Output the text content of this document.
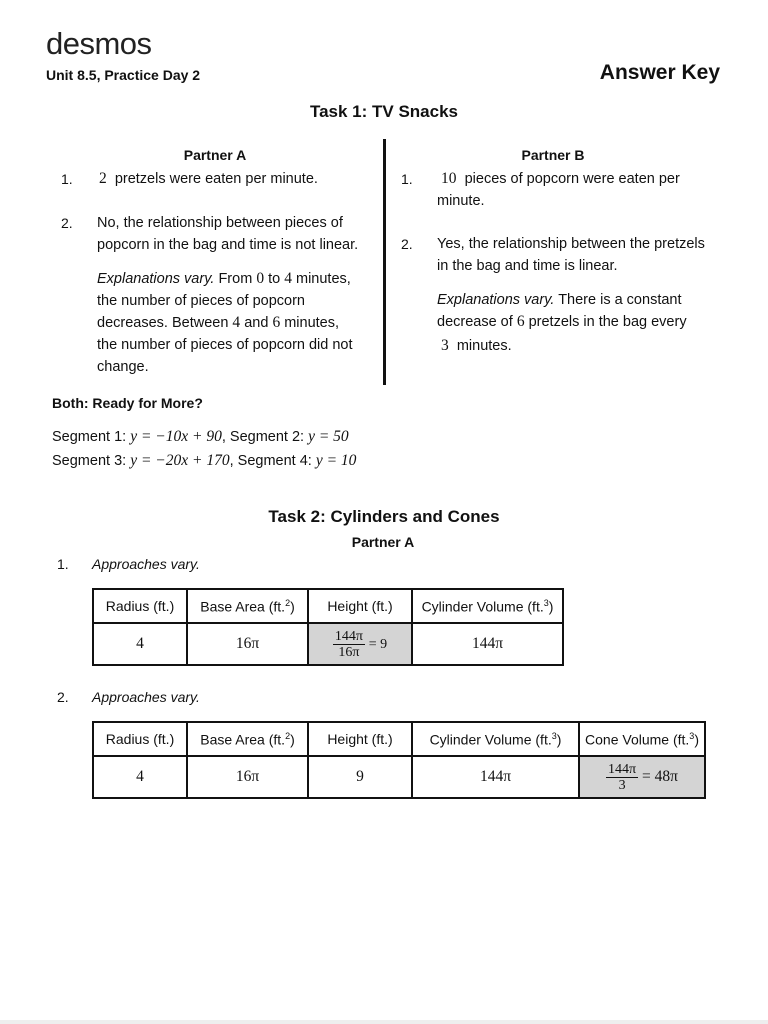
desmos
Unit 8.5, Practice Day 2	Answer Key
Task 1: TV Snacks
Partner A	Partner B
1. 2 pretzels were eaten per minute.
2. No, the relationship between pieces of
popcorn in the bag and time is not linear.
Explanations vary. From 0 to 4 minutes,
the number of pieces of popcorn
decreases. Between 4 and 6 minutes,
the number of pieces of popcorn did not
change.
1. 10 pieces of popcorn were eaten per
minute.
2. Yes, the relationship between the pretzels
in the bag and time is linear.
Explanations vary. There is a constant
decrease of 6 pretzels in the bag every
3 minutes.
Both: Ready for More?
Segment 1: y = −10x + 90, Segment 2: y = 50
Segment 3: y = −20x + 170, Segment 4: y = 10
Task 2: Cylinders and Cones
Partner A
1. Approaches vary.
Radius (ft.)	Base Area (ft.$^2$)	Height (ft.)	Cylinder Volume (ft.$^3$)
4	16π	$\frac{144\pi}{16\pi} = 9$	144π
2. Approaches vary.
Radius (ft.)	Base Area (ft.$^2$)	Height (ft.)	Cylinder Volume (ft.$^3$)	Cone Volume (ft.$^3$)
4	16π	9	144π	$\frac{144\pi}{3} = 48\pi$
